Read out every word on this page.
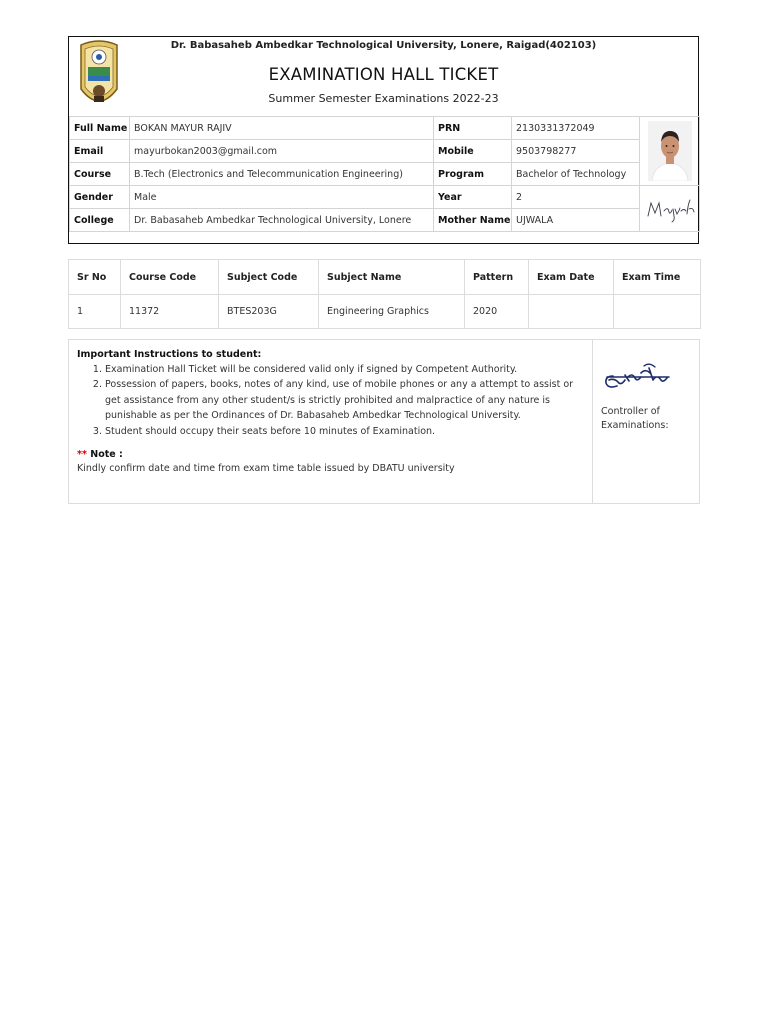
Dr. Babasaheb Ambedkar Technological University, Lonere, Raigad(402103)
EXAMINATION HALL TICKET
Summer Semester Examinations 2022-23
Full Name	BOKAN MAYUR RAJIV	PRN	2130331372049	

Email	mayurbokan2003@gmail.com	Mobile	9503798277	
Course	B.Tech (Electronics and Telecommunication Engineering)	Program	Bachelor of Technology	
Gender	Male	Year	2	

College	Dr. Babasaheb Ambedkar Technological University, Lonere	Mother Name	UJWALA	
Sr No	Course Code	Subject Code	Subject Name	Pattern	Exam Date	Exam Time
1	11372	BTES203G	Engineering Graphics	2020		
Important Instructions to student:
1. Examination Hall Ticket will be considered valid only if signed by Competent Authority.
2. Possession of papers, books, notes of any kind, use of mobile phones or any a attempt to assist or get assistance from any other student/s is strictly prohibited and malpractice of any nature is punishable as per the Ordinances of Dr. Babasaheb Ambedkar Technological University.
3. Student should occupy their seats before 10 minutes of Examination.
** Note :
Kindly confirm date and time from exam time table issued by DBATU university
Controller of
Examinations:
